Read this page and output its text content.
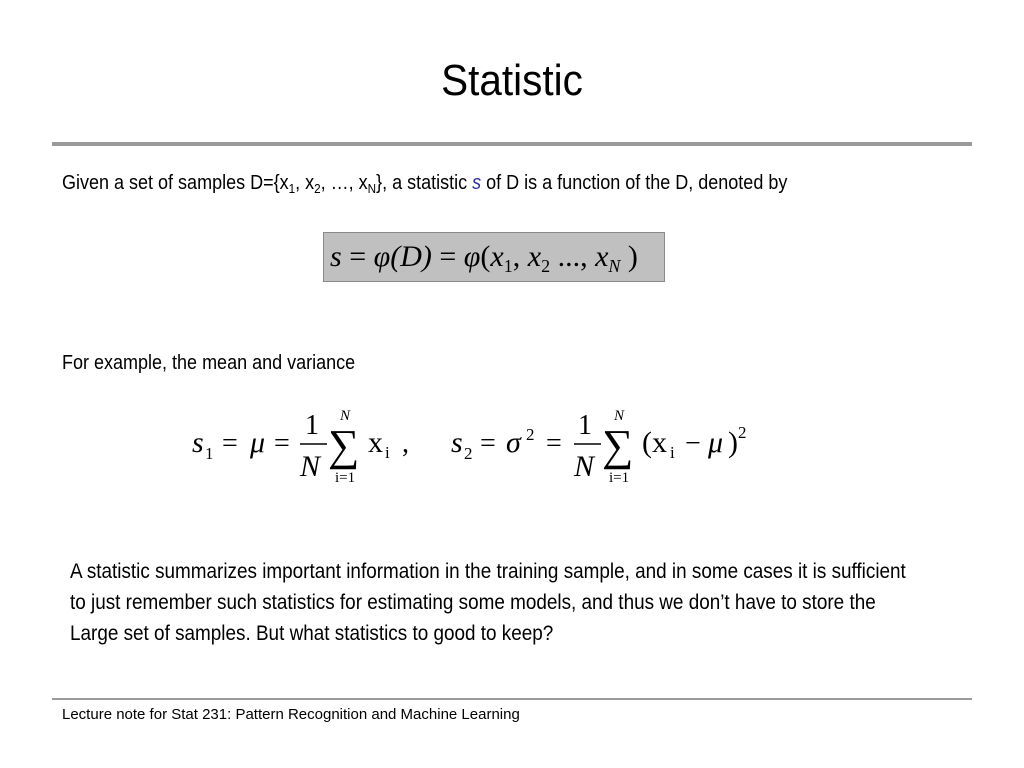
Statistic
Given a set of samples $D=\{x_1$, $x_2$, …, $x_N$}, a statistic s of D is a function of the D, denoted by
$s = \varphi(D) = \varphi(x_1$, $x_2$ ..., $x_N$ )
For example, the mean and variance
s 1 = μ =
1
N
N
∑
i=1
x i , s 2 = σ 2 =
1
N
N
∑
i=1
(x i − μ ) 2
A statistic summarizes important information in the training sample, and in some cases it is sufficient
to just remember such statistics for estimating some models, and thus we don’t have to store the
Large set of samples. But what statistics to good to keep?
Lecture note for Stat 231: Pattern Recognition and Machine Learning
